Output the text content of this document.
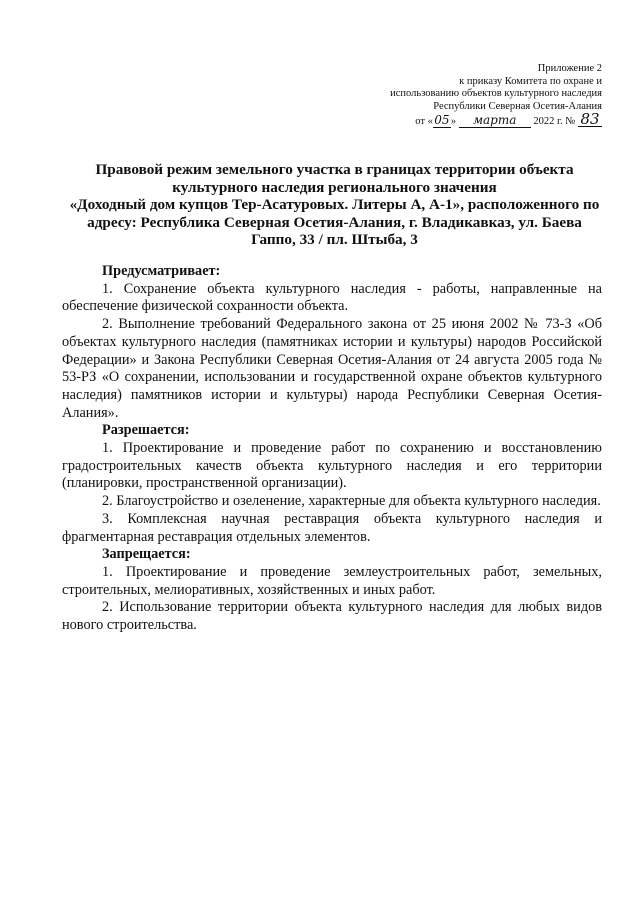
Приложение 2
к приказу Комитета по охране и
использованию объектов культурного наследия
Республики Северная Осетия-Алания
от «05» марта 2022 г. № 83
Правовой режим земельного участка в границах территории объекта
культурного наследия регионального значения
«Доходный дом купцов Тер-Асатуровых. Литеры А, А-1», расположенного по
адресу: Республика Северная Осетия-Алания, г. Владикавказ, ул. Баева
Гаппо, 33 / пл. Штыба, 3

Предусматривает:

1. Сохранение объекта культурного наследия - работы, направленные на обеспечение физической сохранности объекта.

2. Выполнение требований Федерального закона от 25 июня 2002 № 73-З «Об объектах культурного наследия (памятниках истории и культуры) народов Российской Федерации» и Закона Республики Северная Осетия-Алания от 24 августа 2005 года № 53-РЗ «О сохранении, использовании и государственной охране объектов культурного наследия) памятников истории и культуры) народа Республики Северная Осетия-Алания».

Разрешается:

1. Проектирование и проведение работ по сохранению и восстановлению градостроительных качеств объекта культурного наследия и его территории (планировки, пространственной организации).

2. Благоустройство и озеленение, характерные для объекта культурного наследия.

3. Комплексная научная реставрация объекта культурного наследия и фрагментарная реставрация отдельных элементов.

Запрещается:

1. Проектирование и проведение землеустроительных работ, земельных, строительных, мелиоративных, хозяйственных и иных работ.

2. Использование территории объекта культурного наследия для любых видов нового строительства.
